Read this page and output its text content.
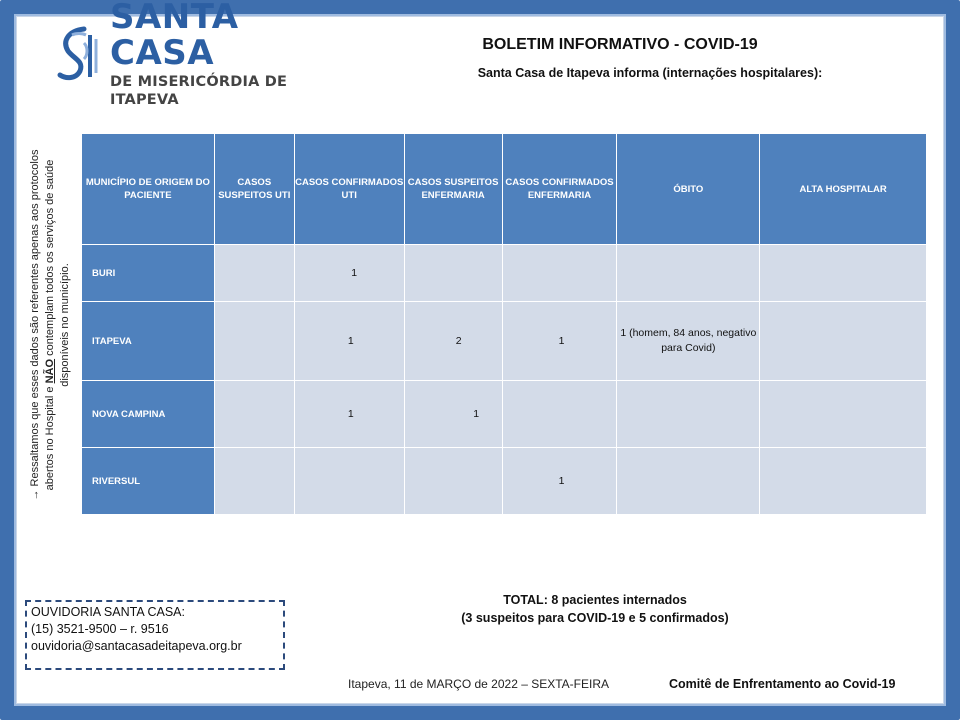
SANTA CASA
DE MISERICÓRDIA DE ITAPEVA
BOLETIM INFORMATIVO - COVID-19
Santa Casa de Itapeva informa (internações hospitalares):
→ Ressaltamos que esses dados são referentes apenas aos protocolos abertos no Hospital e NÃO contemplam todos os serviços de saúde disponíveis no município.
MUNICÍPIO DE ORIGEM DO PACIENTE	CASOS SUSPEITOS UTI	CASOS CONFIRMADOS UTI	CASOS SUSPEITOS ENFERMARIA	CASOS CONFIRMADOS ENFERMARIA	ÓBITO	ALTA HOSPITALAR
BURI		1				
ITAPEVA		1	2	1	1 (homem, 84 anos, negativo para Covid)	
NOVA CAMPINA		1	1			
RIVERSUL				1		
TOTAL: 8 pacientes internados
(3 suspeitos para COVID-19 e 5 confirmados)
OUVIDORIA SANTA CASA:
(15) 3521-9500 – r. 9516
ouvidoria@santacasadeitapeva.org.br
Itapeva, 11 de MARÇO de 2022 – SEXTA-FEIRA	Comitê de Enfrentamento ao Covid-19
